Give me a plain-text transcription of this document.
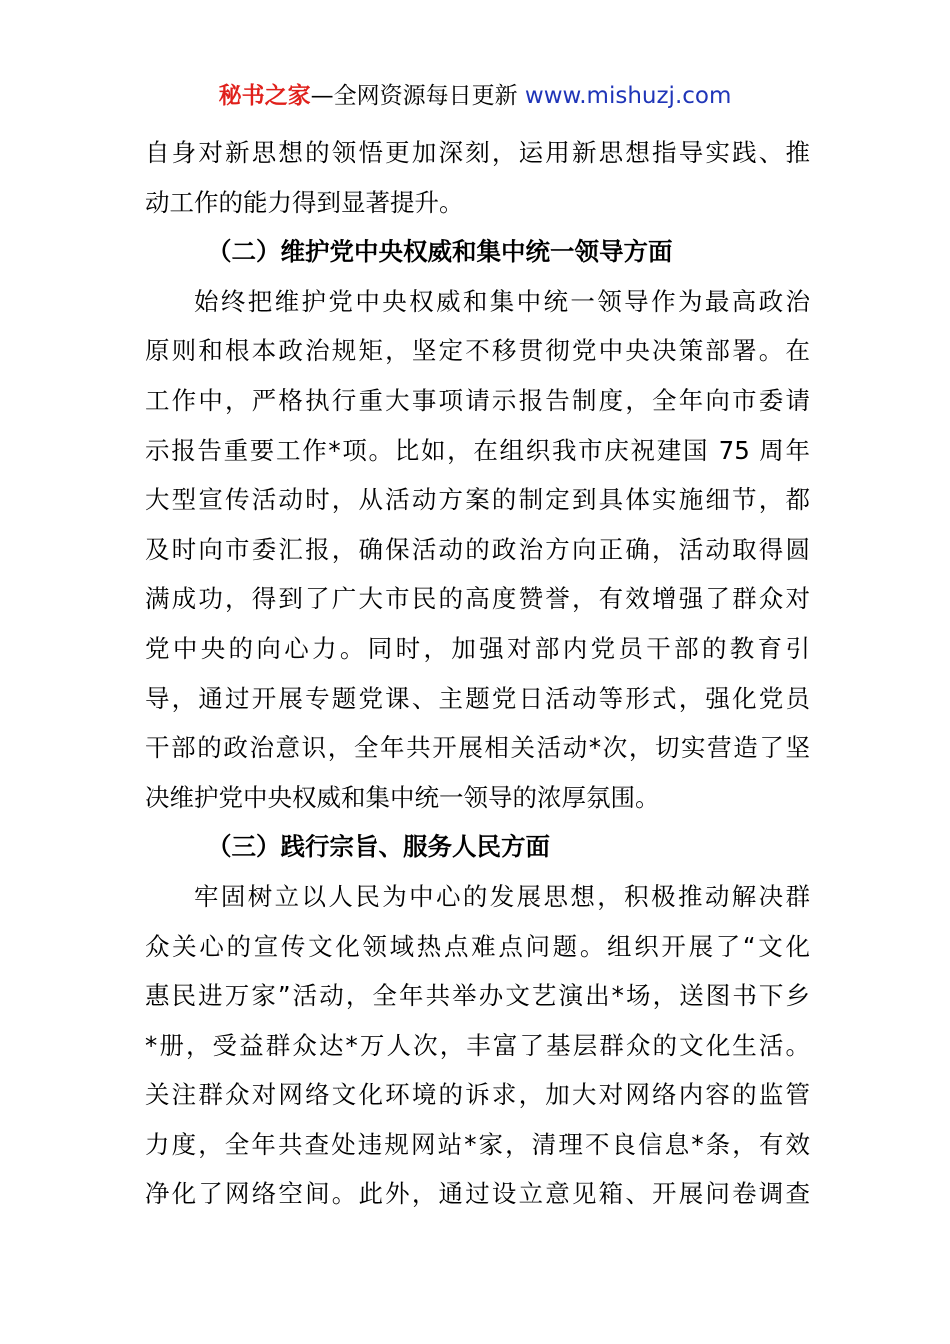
秘书之家—全网资源每日更新 www.mishuzj.com
自身对新思想的领悟更加深刻，运用新思想指导实践、推
动工作的能力得到显著提升。
（二）维护党中央权威和集中统一领导方面
始终把维护党中央权威和集中统一领导作为最高政治
原则和根本政治规矩，坚定不移贯彻党中央决策部署。在
工作中，严格执行重大事项请示报告制度，全年向市委请
示报告重要工作*项。比如，在组织我市庆祝建国 75 周年
大型宣传活动时，从活动方案的制定到具体实施细节，都
及时向市委汇报，确保活动的政治方向正确，活动取得圆
满成功，得到了广大市民的高度赞誉，有效增强了群众对
党中央的向心力。同时，加强对部内党员干部的教育引
导，通过开展专题党课、主题党日活动等形式，强化党员
干部的政治意识，全年共开展相关活动*次，切实营造了坚
决维护党中央权威和集中统一领导的浓厚氛围。
（三）践行宗旨、服务人民方面
牢固树立以人民为中心的发展思想，积极推动解决群
众关心的宣传文化领域热点难点问题。组织开展了“文化
惠民进万家”活动，全年共举办文艺演出*场，送图书下乡
*册，受益群众达*万人次，丰富了基层群众的文化生活。
关注群众对网络文化环境的诉求，加大对网络内容的监管
力度，全年共查处违规网站*家，清理不良信息*条，有效
净化了网络空间。此外，通过设立意见箱、开展问卷调查
